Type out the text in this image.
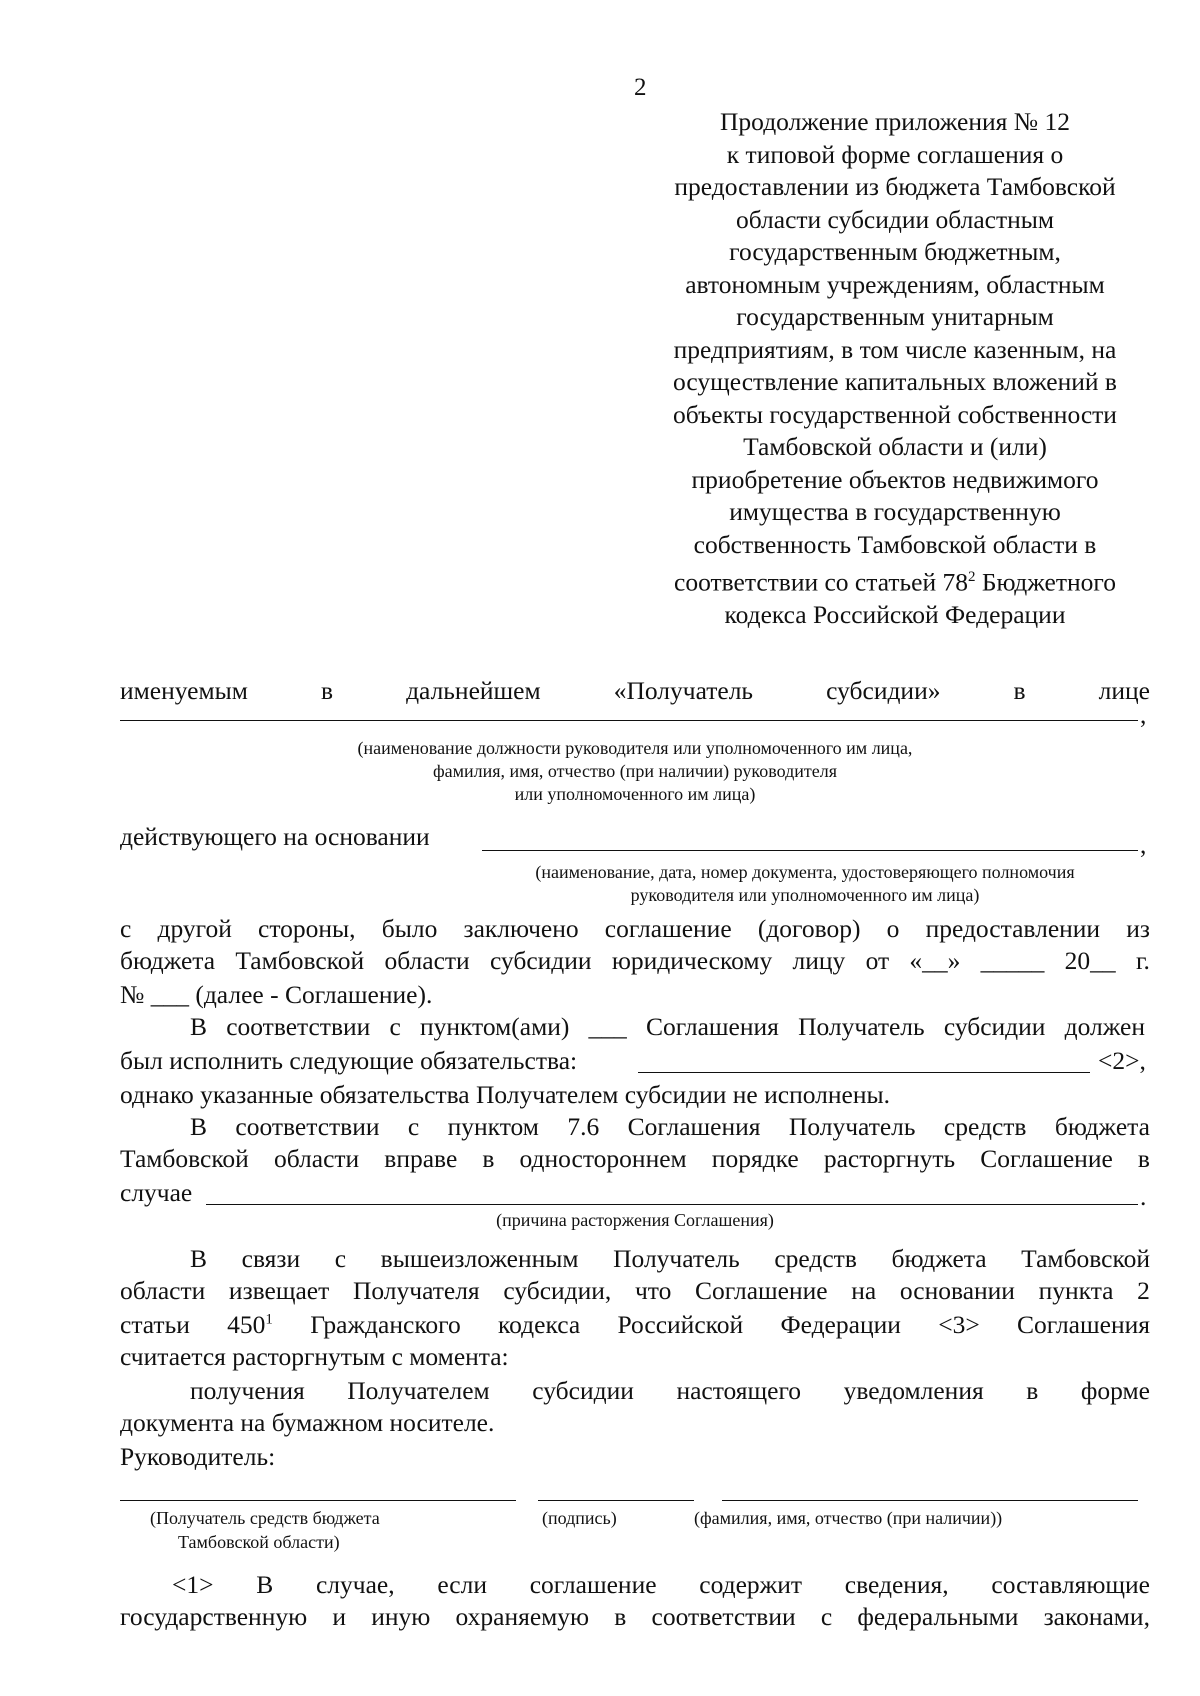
2
Продолжение приложения № 12
к типовой форме соглашения о
предоставлении из бюджета Тамбовской
области субсидии областным
государственным бюджетным,
автономным учреждениям, областным
государственным унитарным
предприятиям, в том числе казенным, на
осуществление капитальных вложений в
объекты государственной собственности
Тамбовской области и (или)
приобретение объектов недвижимого
имущества в государственную
собственность Тамбовской области в
соответствии со статьей $78^2$ Бюджетного
кодекса Российской Федерации
именуемым	в	дальнейшем	«Получатель	субсидии»	в	лице
,
(наименование должности руководителя или уполномоченного им лица,
фамилия, имя, отчество (при наличии) руководителя
или уполномоченного им лица)
действующего на основании	,
(наименование, дата, номер документа, удостоверяющего полномочия
руководителя или уполномоченного им лица)
с другой стороны, было заключено соглашение (договор) о предоставлении из
бюджета Тамбовской области субсидии юридическому лицу от «__» _____ 20__ г.
№ ___ (далее - Соглашение).
В соответствии с пунктом(ами) ___ Соглашения Получатель субсидии должен
был исполнить следующие обязательства:	<2>,
однако указанные обязательства Получателем субсидии не исполнены.
В соответствии с пунктом 7.6 Соглашения Получатель средств бюджета
Тамбовской области вправе в одностороннем порядке расторгнуть Соглашение в
случае	.
(причина расторжения Соглашения)
В связи с вышеизложенным Получатель средств бюджета Тамбовской
области извещает Получателя субсидии, что Соглашение на основании пункта 2
статьи $450^1$ Гражданского кодекса Российской Федерации <3> Соглашения
считается расторгнутым с момента:
получения Получателем субсидии настоящего уведомления в форме
документа на бумажном носителе.
Руководитель:
(Получатель средств бюджета
Тамбовской области)
(подпись)	(фамилия, имя, отчество (при наличии))
<1> В случае, если соглашение содержит сведения, составляющие
государственную и иную охраняемую в соответствии с федеральными законами,
